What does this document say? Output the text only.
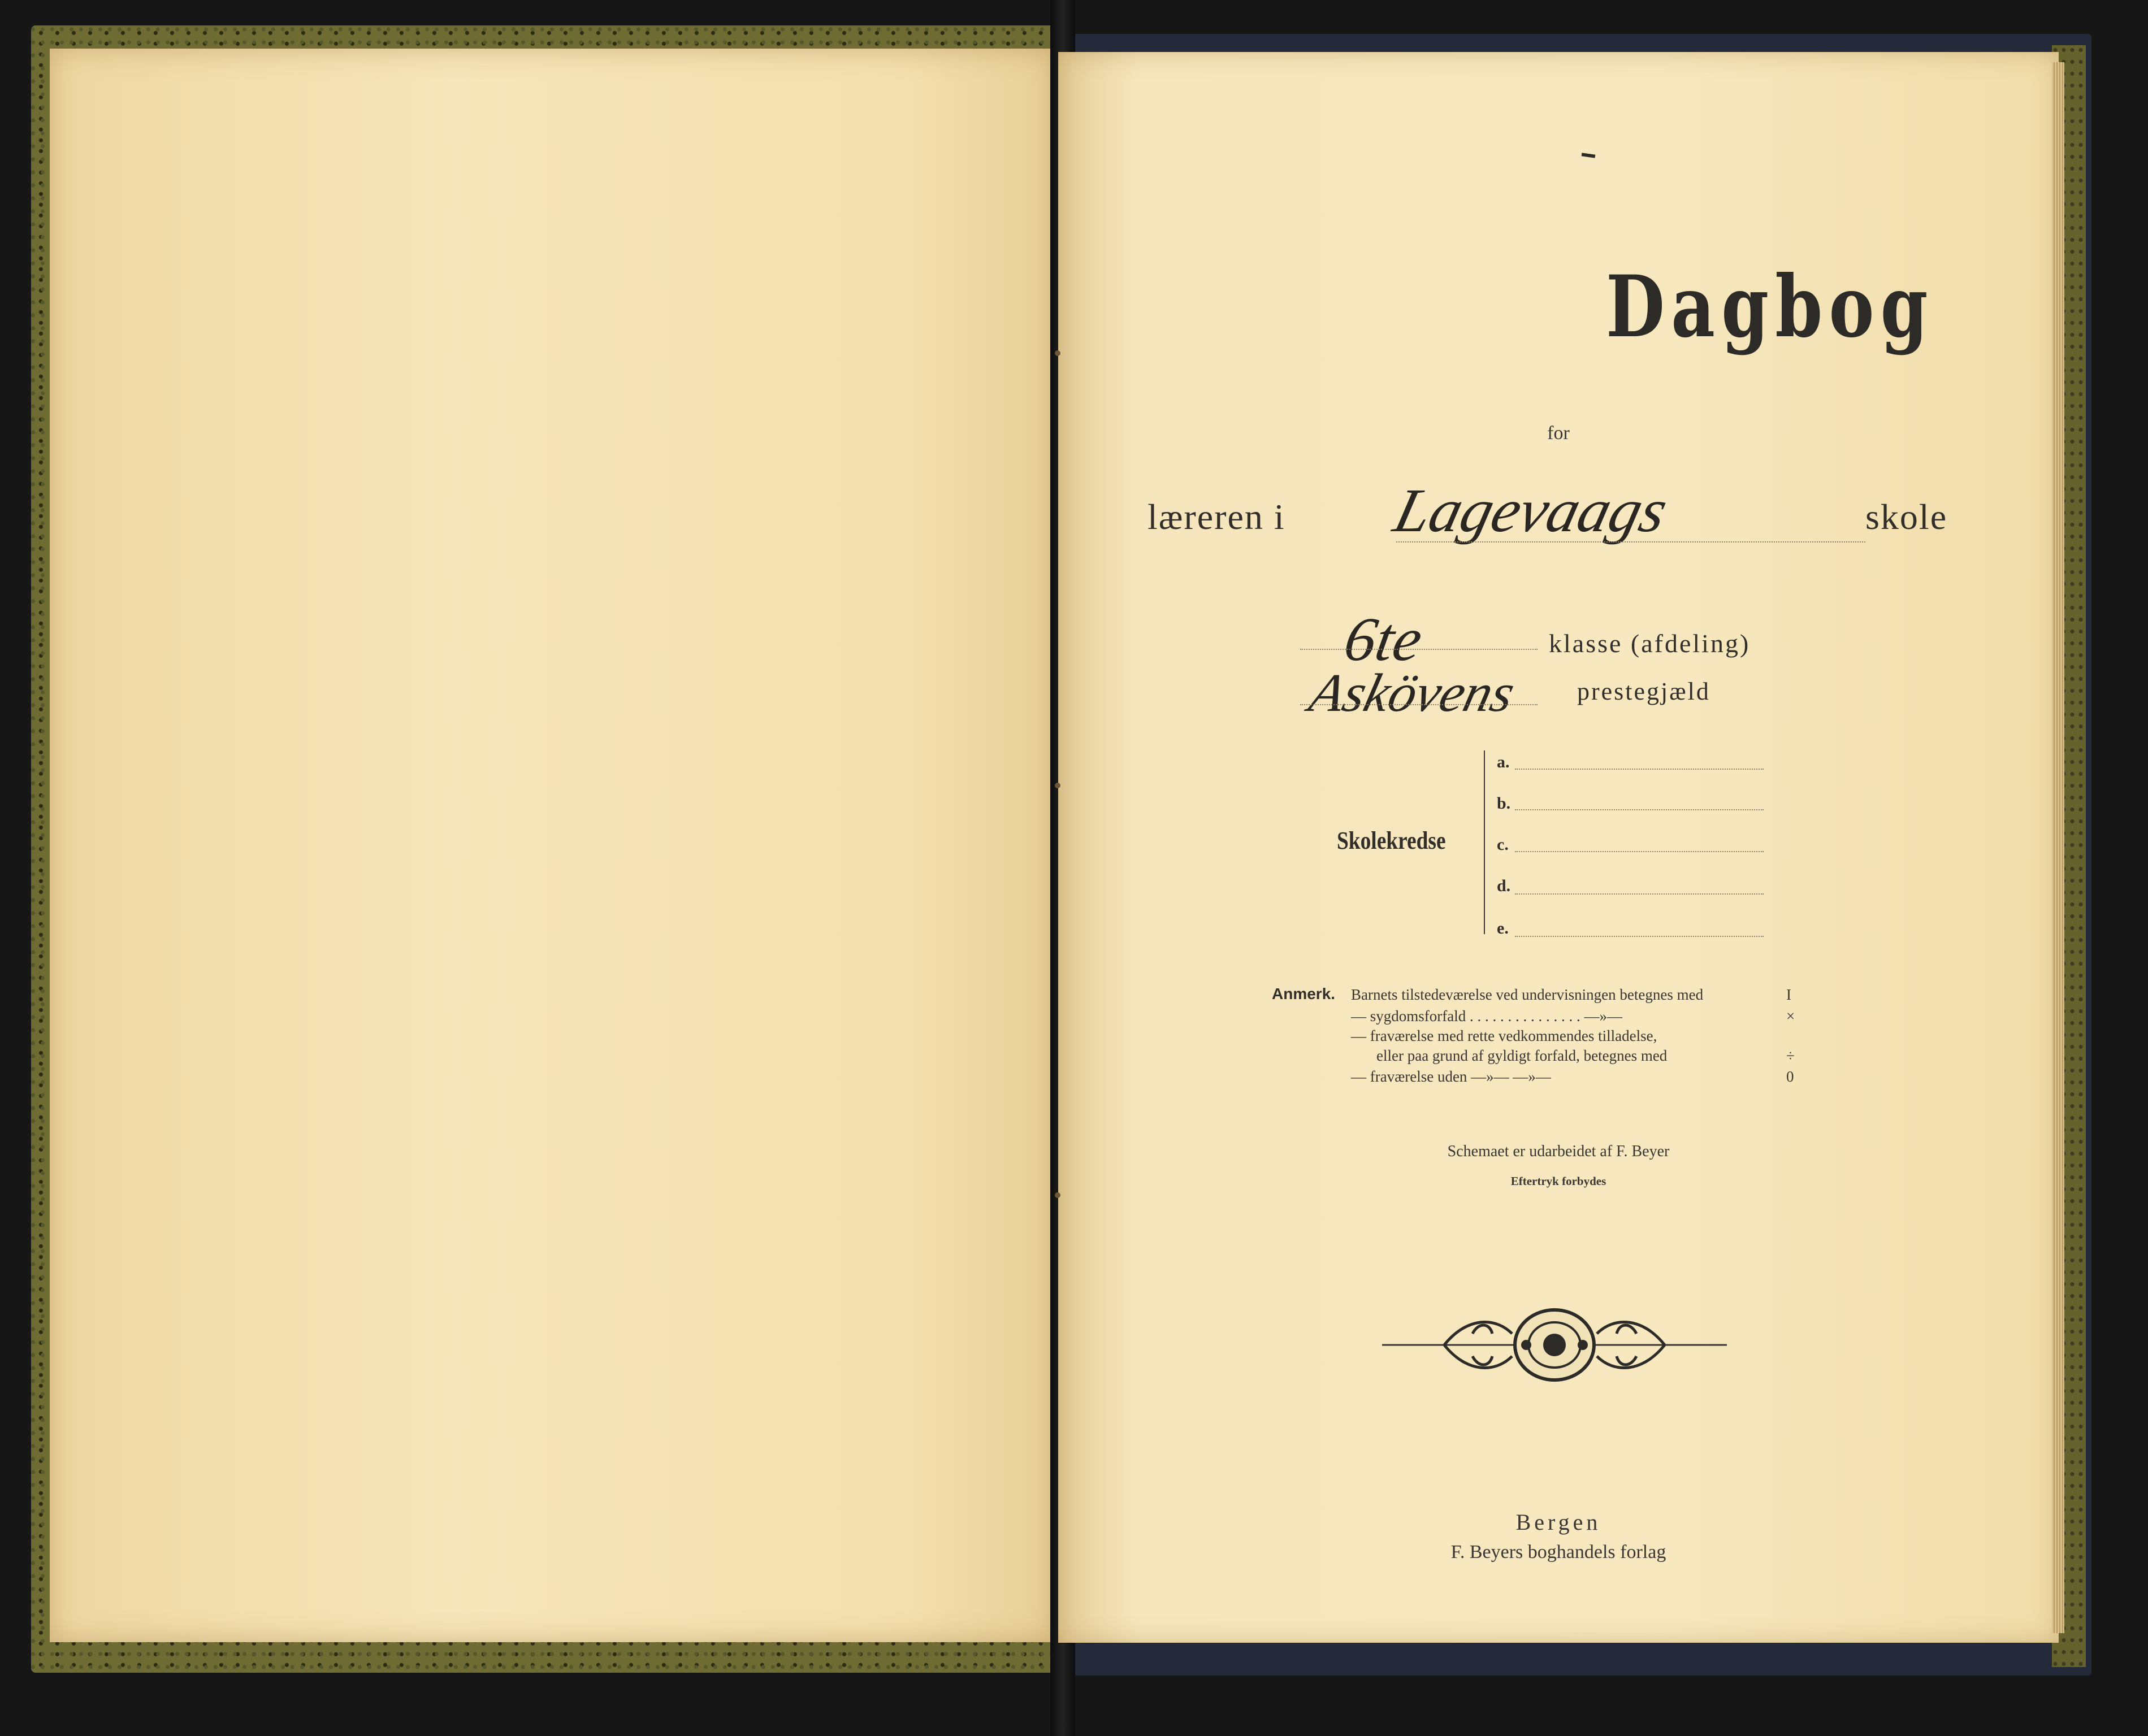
Dagbog
for
læreren i Lagevaags	skole
6te	klasse (afdeling)
Askövens prestegjæld
Skolekredse
a.
b.
c.
d.
e.
Anmerk. Barnets tilstedeværelse ved undervisningen betegnes med
— sygdomsforfald . . . . . . . . . . . . . . . —»—
— fraværelse med rette vedkommendes tilladelse,
eller paa grund af gyldigt forfald, betegnes med
— fraværelse uden —»— —»—
I
×
÷
0
Schemaet er udarbeidet af F. Beyer
Eftertryk forbydes
Bergen
F. Beyers boghandels forlag
